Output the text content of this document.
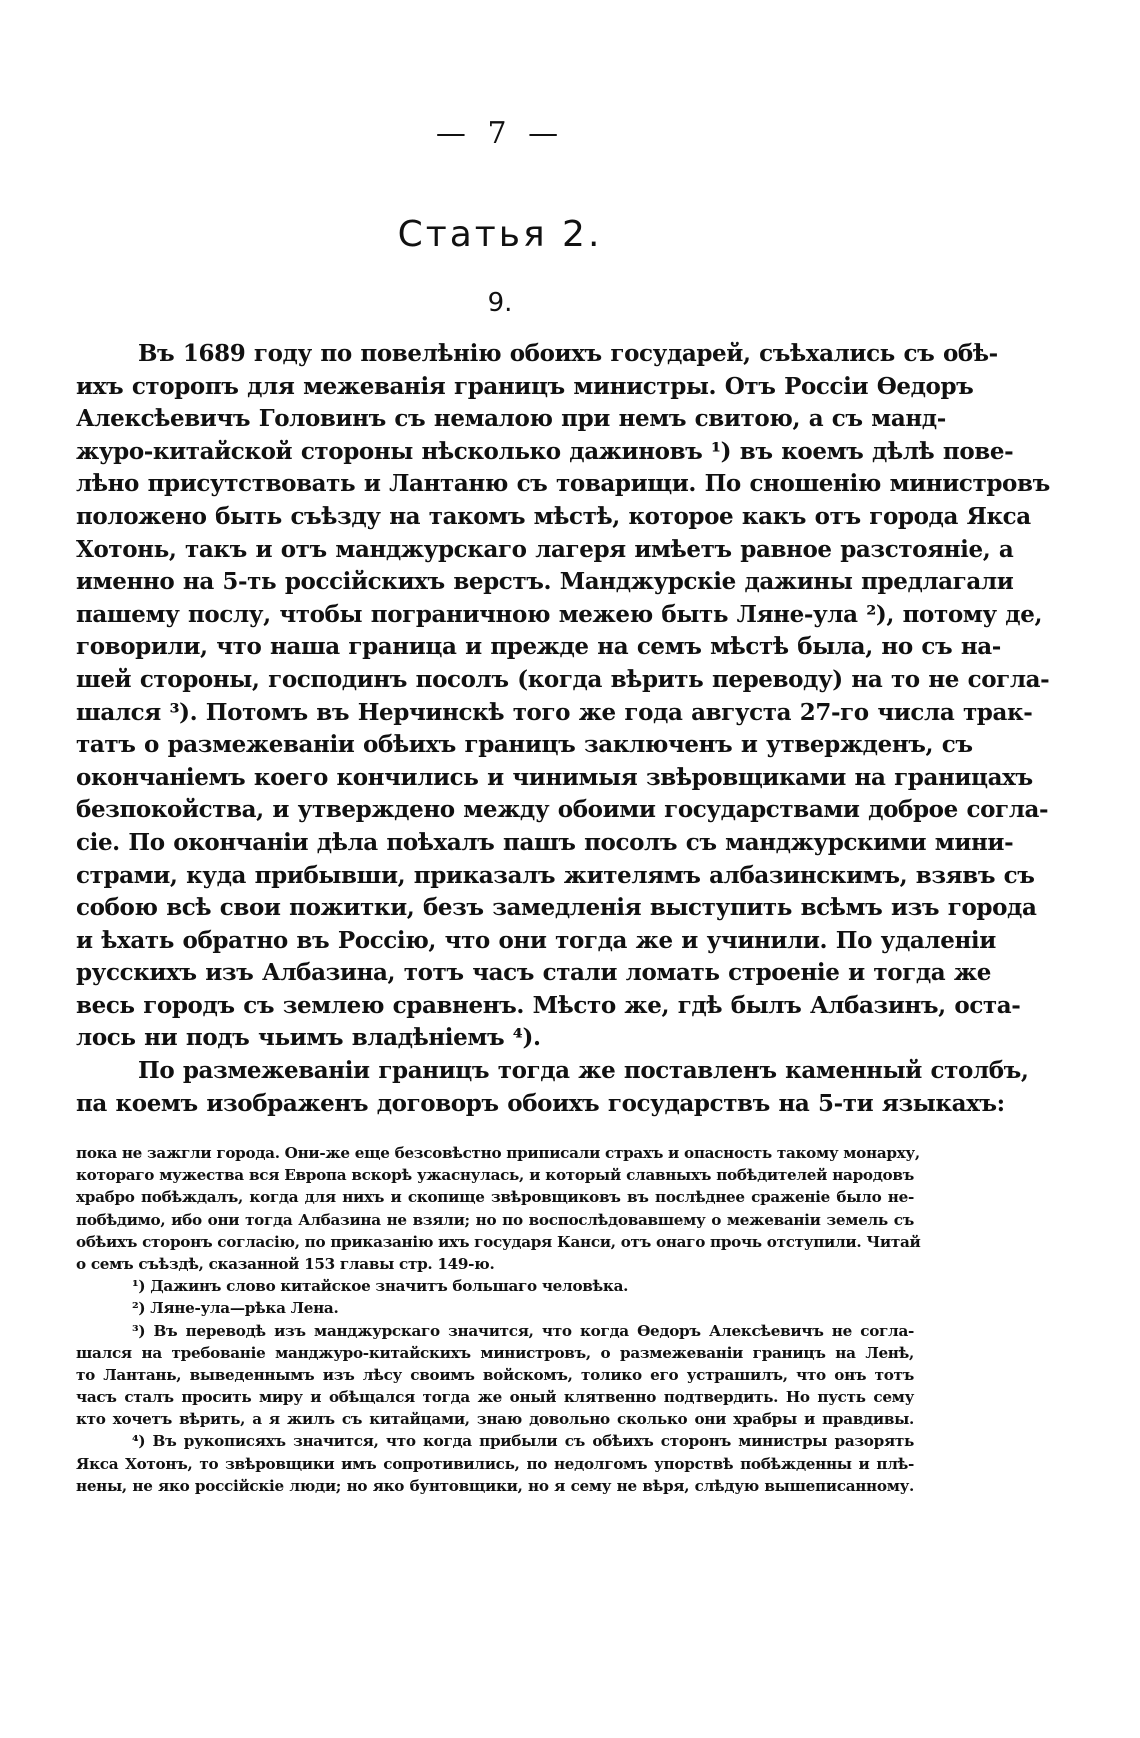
— 7 —
Статья 2.
9.
Въ 1689 году по повелѣнію обоихъ государей, съѣхались съ обѣ-
ихъ сторопъ для межеванія границъ министры. Отъ Россіи Ѳедоръ
Алексѣевичъ Головинъ съ немалою при немъ свитою, а съ манд-
журо-китайской стороны нѣсколько дажиновъ ¹) въ коемъ дѣлѣ пове-
лѣно присутствовать и Лантаню съ товарищи. По сношенію министровъ
положено быть съѣзду на такомъ мѣстѣ, которое какъ отъ города Якса
Хотонь, такъ и отъ манджурскаго лагеря имѣетъ равное разстояніе, а
именно на 5-ть россійскихъ верстъ. Манджурскіе дажины предлагали
пашему послу, чтобы пограничною межею быть Ляне-ула ²), потому де,
говорили, что наша граница и прежде на семъ мѣстѣ была, но съ на-
шей стороны, господинъ посолъ (когда вѣрить переводу) на то не согла-
шался ³). Потомъ въ Нерчинскѣ того же года августа 27-го числа трак-
татъ о размежеваніи обѣихъ границъ заключенъ и утвержденъ, съ
окончаніемъ коего кончились и чинимыя звѣровщиками на границахъ
безпокойства, и утверждено между обоими государствами доброе согла-
сіе. По окончаніи дѣла поѣхалъ пашъ посолъ съ манджурскими мини-
страми, куда прибывши, приказалъ жителямъ албазинскимъ, взявъ съ
собою всѣ свои пожитки, безъ замедленія выступить всѣмъ изъ города
и ѣхать обратно въ Россію, что они тогда же и учинили. По удаленіи
русскихъ изъ Албазина, тотъ часъ стали ломать строеніе и тогда же
весь городъ съ землею сравненъ. Мѣсто же, гдѣ былъ Албазинъ, оста-
лось ни подъ чьимъ владѣніемъ ⁴).
По размежеваніи границъ тогда же поставленъ каменный столбъ,
па коемъ изображенъ договоръ обоихъ государствъ на 5-ти языкахъ:
пока не зажгли города. Они-же еще безсовѣстно приписали страхъ и опасность такому монарху,
котораго мужества вся Европа вскорѣ ужаснулась, и который славныхъ побѣдителей народовъ
храбро побѣждалъ, когда для нихъ и скопище звѣровщиковъ въ послѣднее сраженіе было не-
побѣдимо, ибо они тогда Албазина не взяли; но по воспослѣдовавшему о межеваніи земель съ
обѣихъ сторонъ согласію, по приказанію ихъ государя Канси, отъ онаго прочь отступили. Читай
о семъ съѣздѣ, сказанной 153 главы стр. 149-ю.
¹) Дажинъ слово китайское значитъ большаго человѣка.
²) Ляне-ула—рѣка Лена.
³) Въ переводѣ изъ манджурскаго значится, что когда Ѳедоръ Алексѣевичъ не согла-
шался на требованіе манджуро-китайскихъ министровъ, о размежеваніи границъ на Ленѣ,
то Лантань, выведеннымъ изъ лѣсу своимъ войскомъ, толико его устрашилъ, что онъ тотъ
часъ сталъ просить миру и обѣщался тогда же оный клятвенно подтвердить. Но пусть сему
кто хочетъ вѣрить, а я жилъ съ китайцами, знаю довольно сколько они храбры и правдивы.
⁴) Въ рукописяхъ значится, что когда прибыли съ обѣихъ сторонъ министры разорять
Якса Хотонъ, то звѣровщики имъ сопротивились, по недолгомъ упорствѣ побѣжденны и плѣ-
нены, не яко россійскіе люди; но яко бунтовщики, но я сему не вѣря, слѣдую вышеписанному.
